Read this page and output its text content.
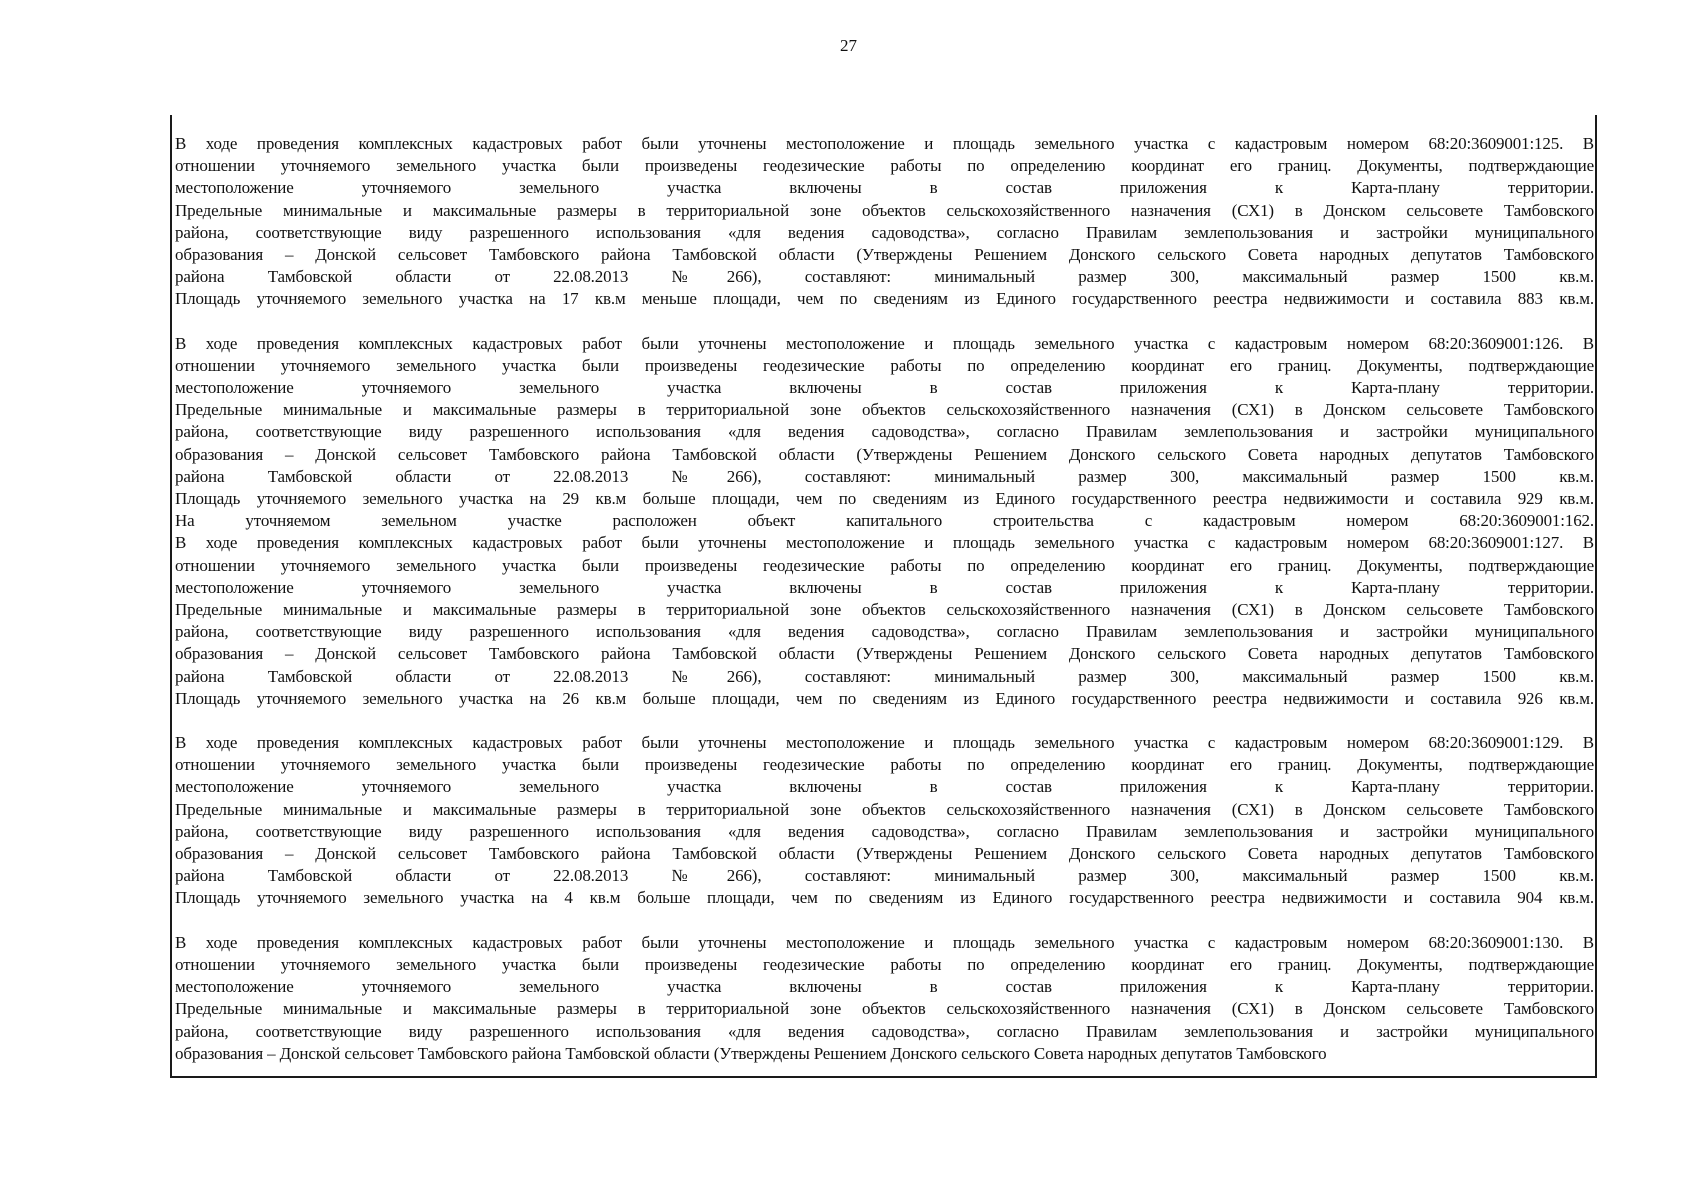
27
В ходе проведения комплексных кадастровых работ были уточнены местоположение и площадь земельного участка с кадастровым номером 68:20:3609001:125. В
отношении уточняемого земельного участка были произведены геодезические работы по определению координат его границ. Документы, подтверждающие
местоположение уточняемого земельного участка включены в состав приложения к Карта-плану территории.
Предельные минимальные и максимальные размеры в территориальной зоне объектов сельскохозяйственного назначения (СХ1) в Донском сельсовете Тамбовского
района, соответствующие виду разрешенного использования «для ведения садоводства», согласно Правилам землепользования и застройки муниципального
образования – Донской сельсовет Тамбовского района Тамбовской области (Утверждены Решением Донского сельского Совета народных депутатов Тамбовского
района Тамбовской области от 22.08.2013 №266), составляют: минимальный размер 300, максимальный размер 1500 кв.м.
Площадь уточняемого земельного участка на 17 кв.м меньше площади, чем по сведениям из Единого государственного реестра недвижимости и составила 883 кв.м.
В ходе проведения комплексных кадастровых работ были уточнены местоположение и площадь земельного участка с кадастровым номером 68:20:3609001:126. В
отношении уточняемого земельного участка были произведены геодезические работы по определению координат его границ. Документы, подтверждающие
местоположение уточняемого земельного участка включены в состав приложения к Карта-плану территории.
Предельные минимальные и максимальные размеры в территориальной зоне объектов сельскохозяйственного назначения (СХ1) в Донском сельсовете Тамбовского
района, соответствующие виду разрешенного использования «для ведения садоводства», согласно Правилам землепользования и застройки муниципального
образования – Донской сельсовет Тамбовского района Тамбовской области (Утверждены Решением Донского сельского Совета народных депутатов Тамбовского
района Тамбовской области от 22.08.2013 №266), составляют: минимальный размер 300, максимальный размер 1500 кв.м.
Площадь уточняемого земельного участка на 29 кв.м больше площади, чем по сведениям из Единого государственного реестра недвижимости и составила 929 кв.м.
На уточняемом земельном участке расположен объект капитального строительства с кадастровым номером 68:20:3609001:162.
В ходе проведения комплексных кадастровых работ были уточнены местоположение и площадь земельного участка с кадастровым номером 68:20:3609001:127. В
отношении уточняемого земельного участка были произведены геодезические работы по определению координат его границ. Документы, подтверждающие
местоположение уточняемого земельного участка включены в состав приложения к Карта-плану территории.
Предельные минимальные и максимальные размеры в территориальной зоне объектов сельскохозяйственного назначения (СХ1) в Донском сельсовете Тамбовского
района, соответствующие виду разрешенного использования «для ведения садоводства», согласно Правилам землепользования и застройки муниципального
образования – Донской сельсовет Тамбовского района Тамбовской области (Утверждены Решением Донского сельского Совета народных депутатов Тамбовского
района Тамбовской области от 22.08.2013 №266), составляют: минимальный размер 300, максимальный размер 1500 кв.м.
Площадь уточняемого земельного участка на 26 кв.м больше площади, чем по сведениям из Единого государственного реестра недвижимости и составила 926 кв.м.
В ходе проведения комплексных кадастровых работ были уточнены местоположение и площадь земельного участка с кадастровым номером 68:20:3609001:129. В
отношении уточняемого земельного участка были произведены геодезические работы по определению координат его границ. Документы, подтверждающие
местоположение уточняемого земельного участка включены в состав приложения к Карта-плану территории.
Предельные минимальные и максимальные размеры в территориальной зоне объектов сельскохозяйственного назначения (СХ1) в Донском сельсовете Тамбовского
района, соответствующие виду разрешенного использования «для ведения садоводства», согласно Правилам землепользования и застройки муниципального
образования – Донской сельсовет Тамбовского района Тамбовской области (Утверждены Решением Донского сельского Совета народных депутатов Тамбовского
района Тамбовской области от 22.08.2013 №266), составляют: минимальный размер 300, максимальный размер 1500 кв.м.
Площадь уточняемого земельного участка на 4 кв.м больше площади, чем по сведениям из Единого государственного реестра недвижимости и составила 904 кв.м.
В ходе проведения комплексных кадастровых работ были уточнены местоположение и площадь земельного участка с кадастровым номером 68:20:3609001:130. В
отношении уточняемого земельного участка были произведены геодезические работы по определению координат его границ. Документы, подтверждающие
местоположение уточняемого земельного участка включены в состав приложения к Карта-плану территории.
Предельные минимальные и максимальные размеры в территориальной зоне объектов сельскохозяйственного назначения (СХ1) в Донском сельсовете Тамбовского
района, соответствующие виду разрешенного использования «для ведения садоводства», согласно Правилам землепользования и застройки муниципального
образования – Донской сельсовет Тамбовского района Тамбовской области (Утверждены Решением Донского сельского Совета народных депутатов Тамбовского
